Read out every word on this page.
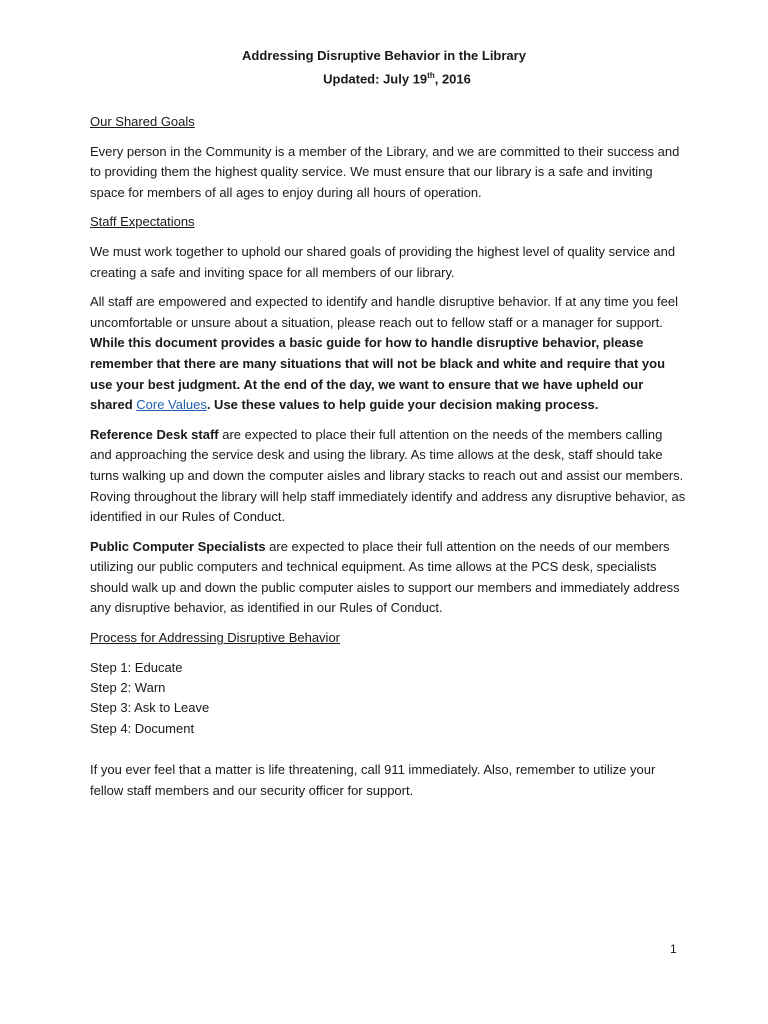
Addressing Disruptive Behavior in the Library
Updated: July 19th, 2016
Our Shared Goals

Every person in the Community is a member of the Library, and we are committed to their success and to providing them the highest quality service. We must ensure that our library is a safe and inviting space for members of all ages to enjoy during all hours of operation.

Staff Expectations

We must work together to uphold our shared goals of providing the highest level of quality service and creating a safe and inviting space for all members of our library.

All staff are empowered and expected to identify and handle disruptive behavior. If at any time you feel uncomfortable or unsure about a situation, please reach out to fellow staff or a manager for support. While this document provides a basic guide for how to handle disruptive behavior, please remember that there are many situations that will not be black and white and require that you use your best judgment. At the end of the day, we want to ensure that we have upheld our shared Core Values. Use these values to help guide your decision making process.

Reference Desk staff are expected to place their full attention on the needs of the members calling and approaching the service desk and using the library. As time allows at the desk, staff should take turns walking up and down the computer aisles and library stacks to reach out and assist our members. Roving throughout the library will help staff immediately identify and address any disruptive behavior, as identified in our Rules of Conduct.

Public Computer Specialists are expected to place their full attention on the needs of our members utilizing our public computers and technical equipment. As time allows at the PCS desk, specialists should walk up and down the public computer aisles to support our members and immediately address any disruptive behavior, as identified in our Rules of Conduct.

Process for Addressing Disruptive Behavior
Step 1: Educate
Step 2: Warn
Step 3: Ask to Leave
Step 4: Document

If you ever feel that a matter is life threatening, call 911 immediately. Also, remember to utilize your fellow staff members and our security officer for support.

1
